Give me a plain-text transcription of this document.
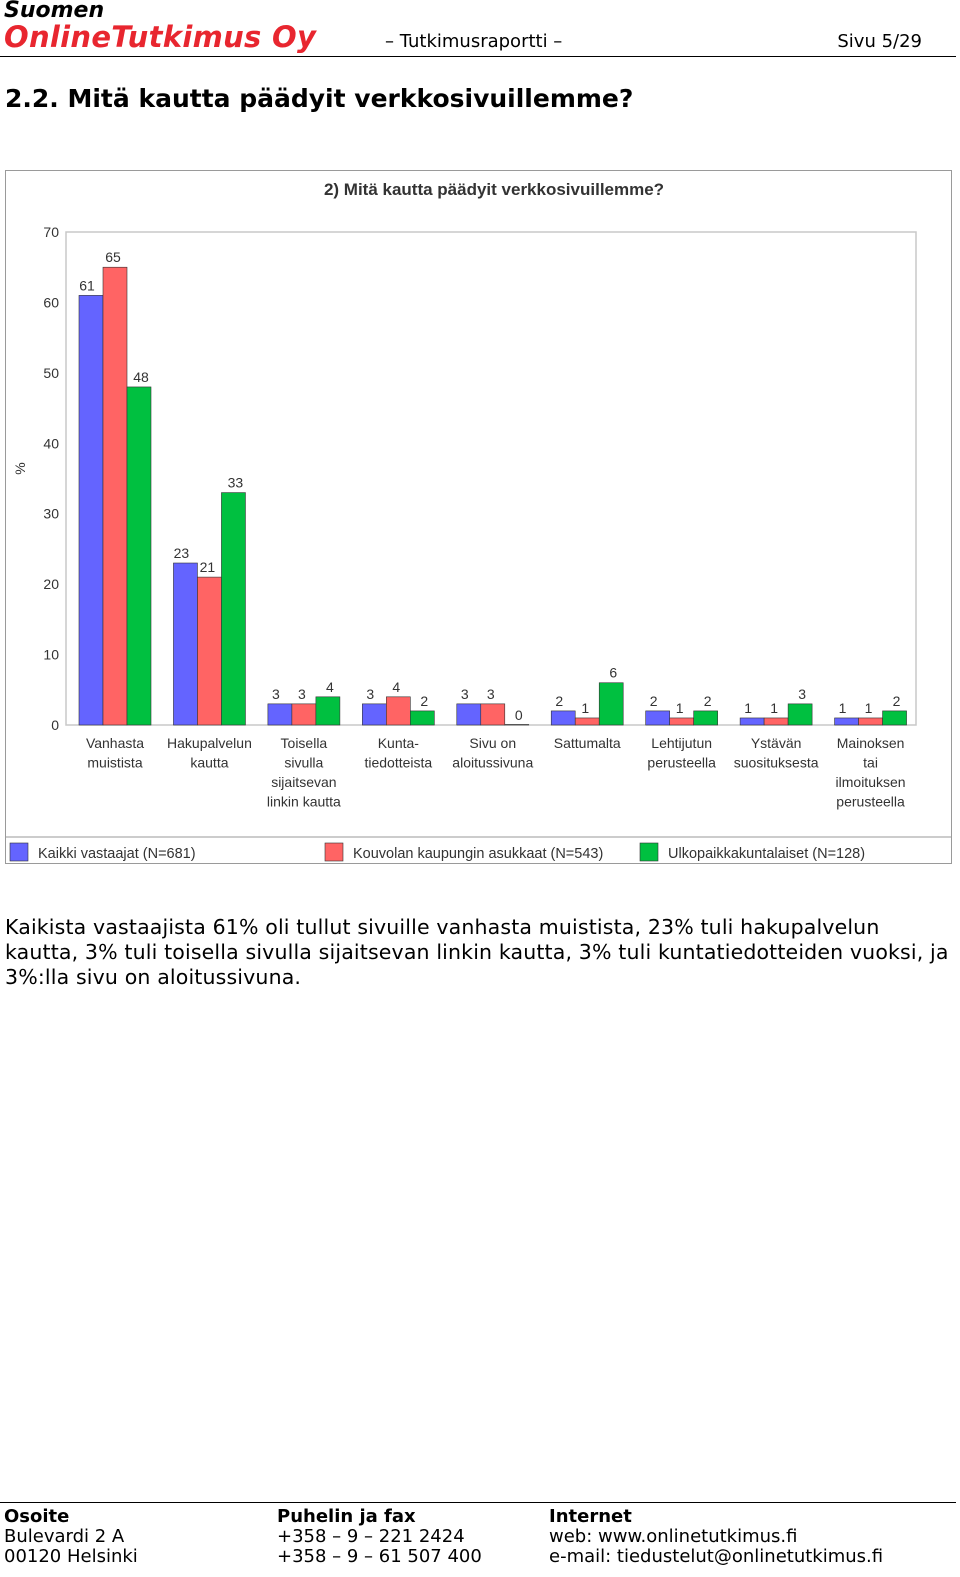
Suomen
OnlineTutkimus Oy	– Tutkimusraportti –	Sivu 5/29
2.2. Mitä kautta päädyit verkkosivuillemme?
2) Mitä kautta päädyit verkkosivuillemme?
0
10
20
30
40
50
60
70
%
61
65
48
Vanhasta
muistista
23
21
33
Hakupalvelun
kautta
3 3 4
Toisella
sivulla
sijaitsevan
linkin kautta
3 4
2
Kunta-
tiedotteista
3 3
0
Sivu on
aloitussivuna
2 1
6
Sattumalta
2 1 2
Lehtijutun
perusteella
1 1
3
Ystävän
suosituksesta
1 1 2
Mainoksen
tai
ilmoituksen
perusteella
Kaikki vastaajat (N=681)	Kouvolan kaupungin asukkaat (N=543)	Ulkopaikkakuntalaiset (N=128)

Kaikista vastaajista 61% oli tullut sivuille vanhasta muistista, 23% tuli hakupalvelun kautta, 3% tuli toisella sivulla sijaitsevan linkin kautta, 3% tuli kuntatiedotteiden vuoksi, ja 3%:lla sivu on aloitussivuna.

Osoite
Bulevardi 2 A
00120 Helsinki
Puhelin ja fax
+358 – 9 – 221 2424
+358 – 9 – 61 507 400
Internet
web: www.onlinetutkimus.fi
e-mail: tiedustelut@onlinetutkimus.fi
